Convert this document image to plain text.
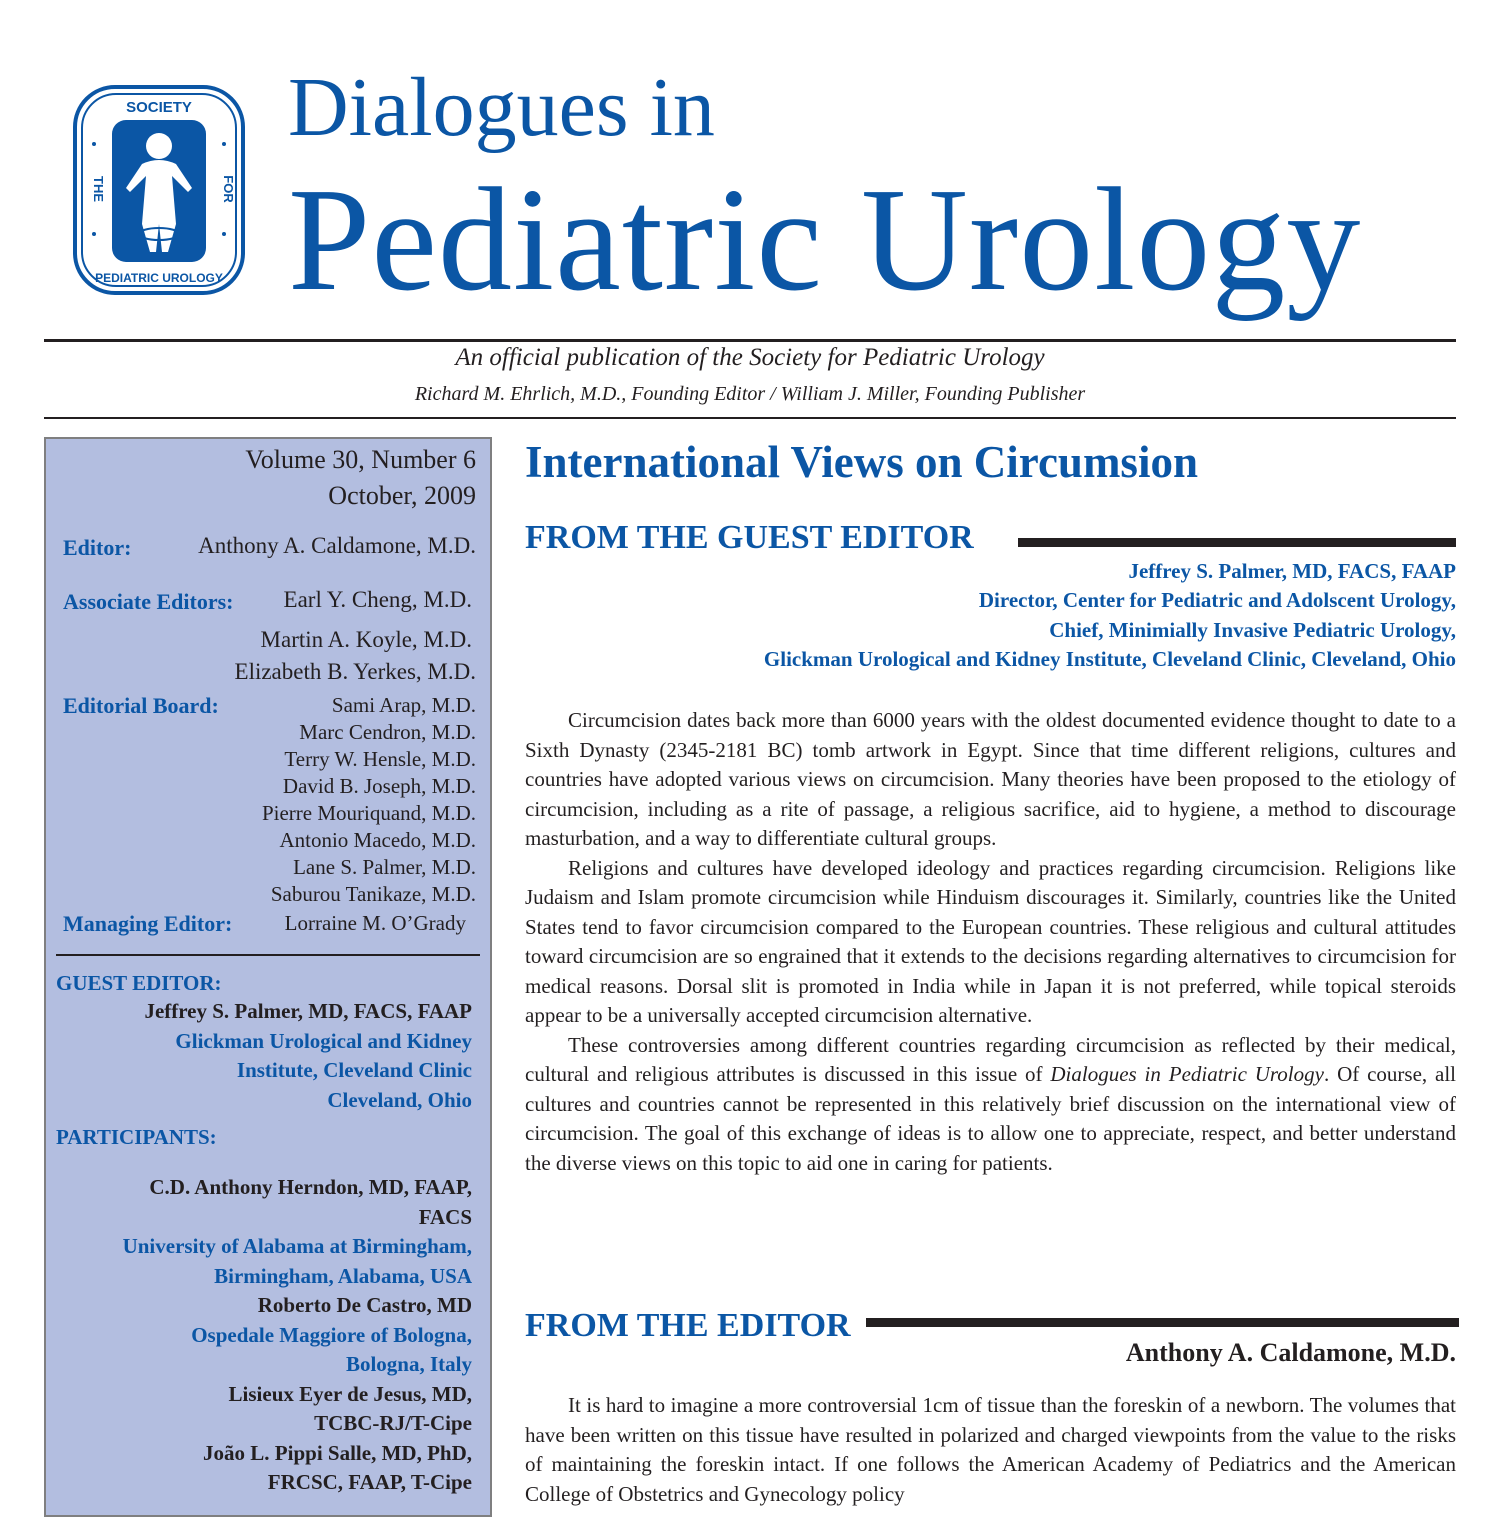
SOCIETY
THE	FOR
PEDIATRIC UROLOGY
Dialogues in
Pediatric Urology
An official publication of the Society for Pediatric Urology
Richard M. Ehrlich, M.D., Founding Editor / William J. Miller, Founding Publisher
Volume 30, Number 6
October, 2009
Editor:	Anthony A. Caldamone, M.D.
Associate Editors: Earl Y. Cheng, M.D.
Martin A. Koyle, M.D.
Elizabeth B. Yerkes, M.D.
Editorial Board:	Sami Arap, M.D.
Marc Cendron, M.D.
Terry W. Hensle, M.D.
David B. Joseph, M.D.
Pierre Mouriquand, M.D.
Antonio Macedo, M.D.
Lane S. Palmer, M.D.
Saburou Tanikaze, M.D.
Managing Editor: Lorraine M. O’Grady
GUEST EDITOR:
Jeffrey S. Palmer, MD, FACS, FAAP
Glickman Urological and Kidney
Institute, Cleveland Clinic
Cleveland, Ohio
PARTICIPANTS:
C.D. Anthony Herndon, MD, FAAP,
FACS
University of Alabama at Birmingham,
Birmingham, Alabama, USA
Roberto De Castro, MD
Ospedale Maggiore of Bologna,
Bologna, Italy
Lisieux Eyer de Jesus, MD,
TCBC-RJ/T-Cipe
João L. Pippi Salle, MD, PhD,
FRCSC, FAAP, T-Cipe
International Views on Circumsion
FROM THE GUEST EDITOR
Jeffrey S. Palmer, MD, FACS, FAAP
Director, Center for Pediatric and Adolscent Urology,
Chief, Minimially Invasive Pediatric Urology,
Glickman Urological and Kidney Institute, Cleveland Clinic, Cleveland, Ohio

Circumcision dates back more than 6000 years with the oldest documented evidence thought to date to a Sixth Dynasty (2345-2181 BC) tomb artwork in Egypt. Since that time different religions, cultures and countries have adopted various views on circumcision. Many theories have been proposed to the etiology of circumcision, including as a rite of passage, a religious sacrifice, aid to hygiene, a method to discourage masturbation, and a way to differentiate cultural groups.

Religions and cultures have developed ideology and practices regarding circumcision. Religions like Judaism and Islam promote circumcision while Hinduism discourages it. Similarly, countries like the United States tend to favor circumcision compared to the European countries. These religious and cultural attitudes toward circumcision are so engrained that it extends to the decisions regarding alternatives to circumcision for medical reasons. Dorsal slit is promoted in India while in Japan it is not preferred, while topical steroids appear to be a universally accepted circumcision alternative.

These controversies among different countries regarding circumcision as reflected by their medical, cultural and religious attributes is discussed in this issue of Dialogues in Pediatric Urology. Of course, all cultures and countries cannot be represented in this relatively brief discussion on the international view of circumcision. The goal of this exchange of ideas is to allow one to appreciate, respect, and better understand the diverse views on this topic to aid one in caring for patients.

FROM THE EDITOR
Anthony A. Caldamone, M.D.

It is hard to imagine a more controversial 1cm of tissue than the foreskin of a newborn. The volumes that have been written on this tissue have resulted in polarized and charged viewpoints from the value to the risks of maintaining the foreskin intact. If one follows the American Academy of Pediatrics and the American College of Obstetrics and Gynecology policy
